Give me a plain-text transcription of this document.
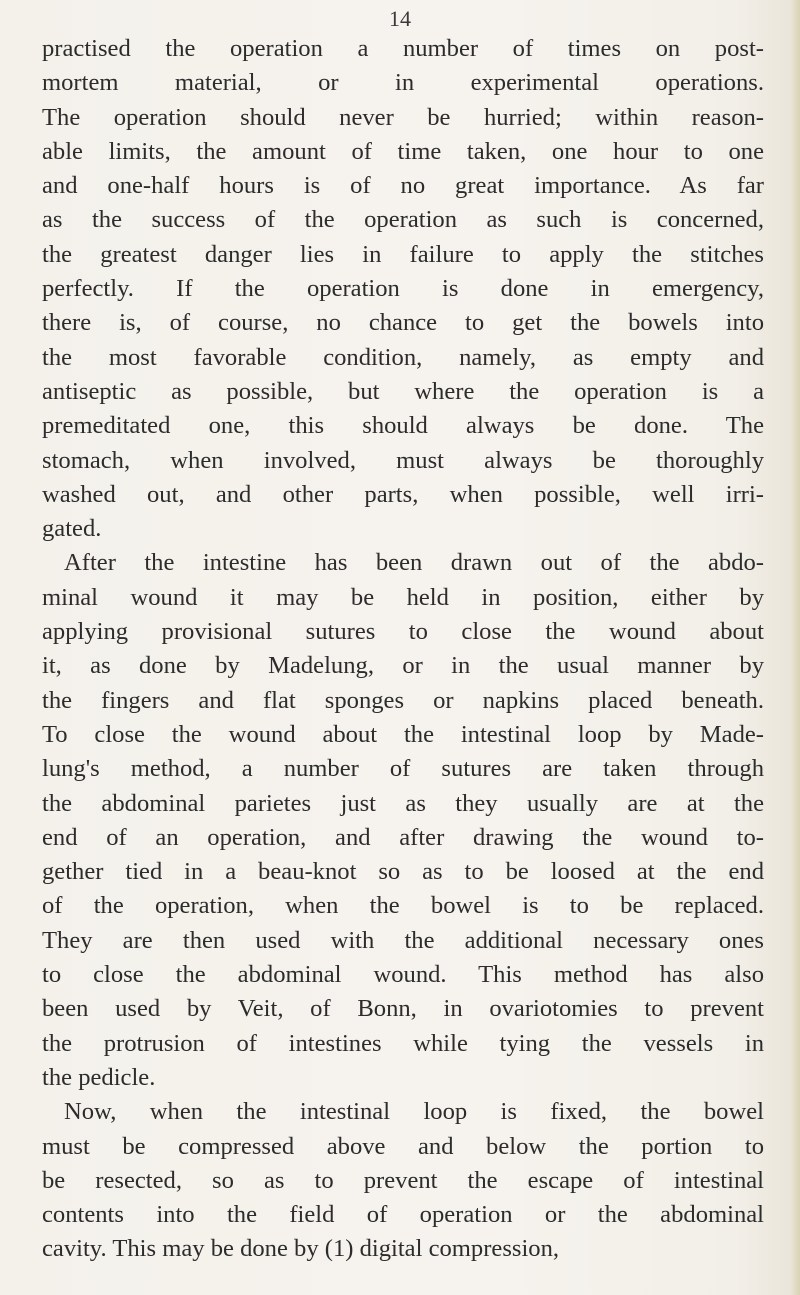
14

practised the operation a number of times on post-
mortem material, or in experimental operations.
The operation should never be hurried; within reason-
able limits, the amount of time taken, one hour to one
and one-half hours is of no great importance. As far
as the success of the operation as such is concerned,
the greatest danger lies in failure to apply the stitches
perfectly. If the operation is done in emergency,
there is, of course, no chance to get the bowels into
the most favorable condition, namely, as empty and
antiseptic as possible, but where the operation is a
premeditated one, this should always be done. The
stomach, when involved, must always be thoroughly
washed out, and other parts, when possible, well irri-
gated.
After the intestine has been drawn out of the abdo-
minal wound it may be held in position, either by
applying provisional sutures to close the wound about
it, as done by Madelung, or in the usual manner by
the fingers and flat sponges or napkins placed beneath.
To close the wound about the intestinal loop by Made-
lung's method, a number of sutures are taken through
the abdominal parietes just as they usually are at the
end of an operation, and after drawing the wound to-
gether tied in a beau-knot so as to be loosed at the end
of the operation, when the bowel is to be replaced.
They are then used with the additional necessary ones
to close the abdominal wound. This method has also
been used by Veit, of Bonn, in ovariotomies to prevent
the protrusion of intestines while tying the vessels in
the pedicle.
Now, when the intestinal loop is fixed, the bowel
must be compressed above and below the portion to
be resected, so as to prevent the escape of intestinal
contents into the field of operation or the abdominal
cavity. This may be done by (1) digital compression,
